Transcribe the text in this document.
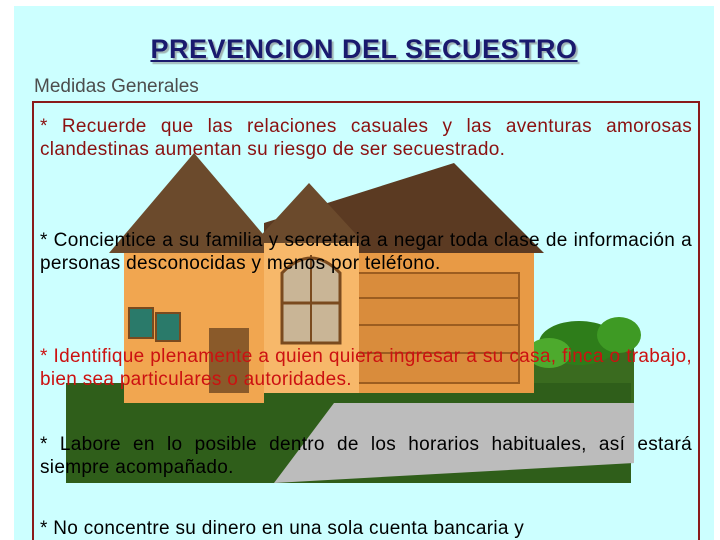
PREVENCION DEL SECUESTRO
Medidas Generales
* Recuerde que las relaciones casuales y las aventuras amorosas clandestinas aumentan su riesgo de ser secuestrado.
* Concientice a su familia y secretaria a negar toda clase de información a personas desconocidas y menos por teléfono.
* Identifique plenamente a quien quiera ingresar a su casa, finca o trabajo, bien sea particulares o autoridades.
* Labore en lo posible dentro de los horarios habituales, así estará siempre acompañado.
* No concentre su dinero en una sola cuenta bancaria y
